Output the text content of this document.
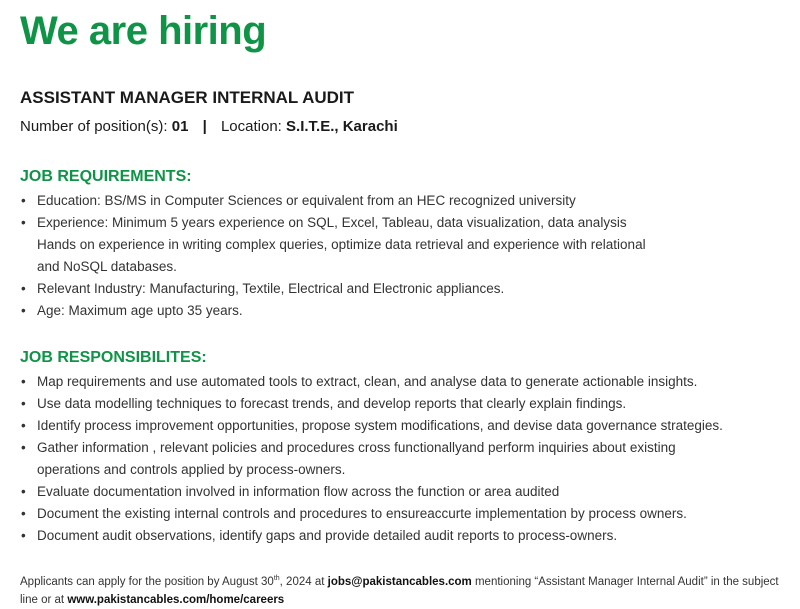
We are hiring
ASSISTANT MANAGER INTERNAL AUDIT
Number of position(s): 01 | Location: S.I.T.E., Karachi
JOB REQUIREMENTS:
• Education: BS/MS in Computer Sciences or equivalent from an HEC recognized university
• Experience: Minimum 5 years experience on SQL, Excel, Tableau, data visualization, data analysis
Hands on experience in writing complex queries, optimize data retrieval and experience with relational
and NoSQL databases.
• Relevant Industry: Manufacturing, Textile, Electrical and Electronic appliances.
• Age: Maximum age upto 35 years.
JOB RESPONSIBILITES:
• Map requirements and use automated tools to extract, clean, and analyse data to generate actionable insights.
• Use data modelling techniques to forecast trends, and develop reports that clearly explain findings.
• Identify process improvement opportunities, propose system modifications, and devise data governance strategies.
• Gather information , relevant policies and procedures cross functionallyand perform inquiries about existing
operations and controls applied by process-owners.
• Evaluate documentation involved in information flow across the function or area audited
• Document the existing internal controls and procedures to ensureaccurte implementation by process owners.
• Document audit observations, identify gaps and provide detailed audit reports to process-owners.
Applicants can apply for the position by August 30th, 2024 at jobs@pakistancables.com mentioning “Assistant Manager Internal Audit” in the subject line or at www.pakistancables.com/home/careers
